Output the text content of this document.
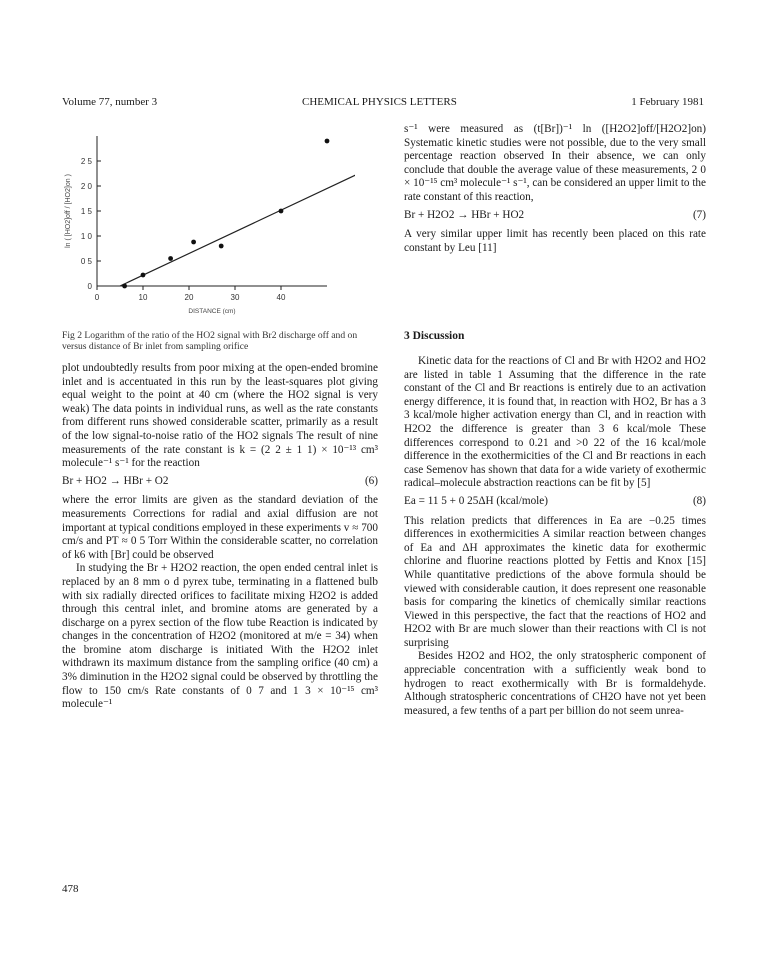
Volume 77, number 3	CHEMICAL PHYSICS LETTERS	1 February 1981
0	10	20	30	40
0
0 5
1 0
1 5
2 0
2 5
DISTANCE (cm)
ln ( [HO2]off / [HO2]on )
Fig 2 Logarithm of the ratio of the HO2 signal with Br2 discharge off and on versus distance of Br inlet from sampling orifice

plot undoubtedly results from poor mixing at the open-ended bromine inlet and is accentuated in this run by the least-squares plot giving equal weight to the point at 40 cm (where the HO2 signal is very weak) The data points in individual runs, as well as the rate constants from different runs showed considerable scatter, primarily as a result of the low signal-to-noise ratio of the HO2 signals The result of nine measurements of the rate constant is k = (2 2 ± 1 1) × 10⁻¹³ cm³ molecule⁻¹ s⁻¹ for the reaction

Br + HO2 → HBr + O2	(6)

where the error limits are given as the standard deviation of the measurements Corrections for radial and axial diffusion are not important at typical conditions employed in these experiments v ≈ 700 cm/s and PT ≈ 0 5 Torr Within the considerable scatter, no correlation of k6 with [Br] could be observed

In studying the Br + H2O2 reaction, the open ended central inlet is replaced by an 8 mm o d pyrex tube, terminating in a flattened bulb with six radially directed orifices to facilitate mixing H2O2 is added through this central inlet, and bromine atoms are generated by a discharge on a pyrex section of the flow tube Reaction is indicated by changes in the concentration of H2O2 (monitored at m/e = 34) when the bromine atom discharge is initiated With the H2O2 inlet withdrawn its maximum distance from the sampling orifice (40 cm) a 3% diminution in the H2O2 signal could be observed by throttling the flow to 150 cm/s Rate constants of 0 7 and 1 3 × 10⁻¹⁵ cm³ molecule⁻¹

s⁻¹ were measured as (t[Br])⁻¹ ln ([H2O2]off/[H2O2]on) Systematic kinetic studies were not possible, due to the very small percentage reaction observed In their absence, we can only conclude that double the average value of these measurements, 2 0 × 10⁻¹⁵ cm³ molecule⁻¹ s⁻¹, can be considered an upper limit to the rate constant of this reaction,

Br + H2O2 → HBr + HO2	(7)

A very similar upper limit has recently been placed on this rate constant by Leu [11]

3 Discussion

Kinetic data for the reactions of Cl and Br with H2O2 and HO2 are listed in table 1 Assuming that the difference in the rate constant of the Cl and Br reactions is entirely due to an activation energy difference, it is found that, in reaction with HO2, Br has a 3 3 kcal/mole higher activation energy than Cl, and in reaction with H2O2 the difference is greater than 3 6 kcal/mole These differences correspond to 0.21 and >0 22 of the 16 kcal/mole difference in the exothermicities of the Cl and Br reactions in each case Semenov has shown that data for a wide variety of exothermic radical–molecule abstraction reactions can be fit by [5]

Ea = 11 5 + 0 25ΔH (kcal/mole)	(8)

This relation predicts that differences in Ea are −0.25 times differences in exothermicities A similar reaction between changes of Ea and ΔH approximates the kinetic data for exothermic chlorine and fluorine reactions plotted by Fettis and Knox [15] While quantitative predictions of the above formula should be viewed with considerable caution, it does represent one reasonable basis for comparing the kinetics of chemically similar reactions Viewed in this perspective, the fact that the reactions of HO2 and H2O2 with Br are much slower than their reactions with Cl is not surprising

Besides H2O2 and HO2, the only stratospheric component of appreciable concentration with a sufficiently weak bond to hydrogen to react exothermically with Br is formaldehyde. Although stratospheric concentrations of CH2O have not yet been measured, a few tenths of a part per billion do not seem unrea-

478
